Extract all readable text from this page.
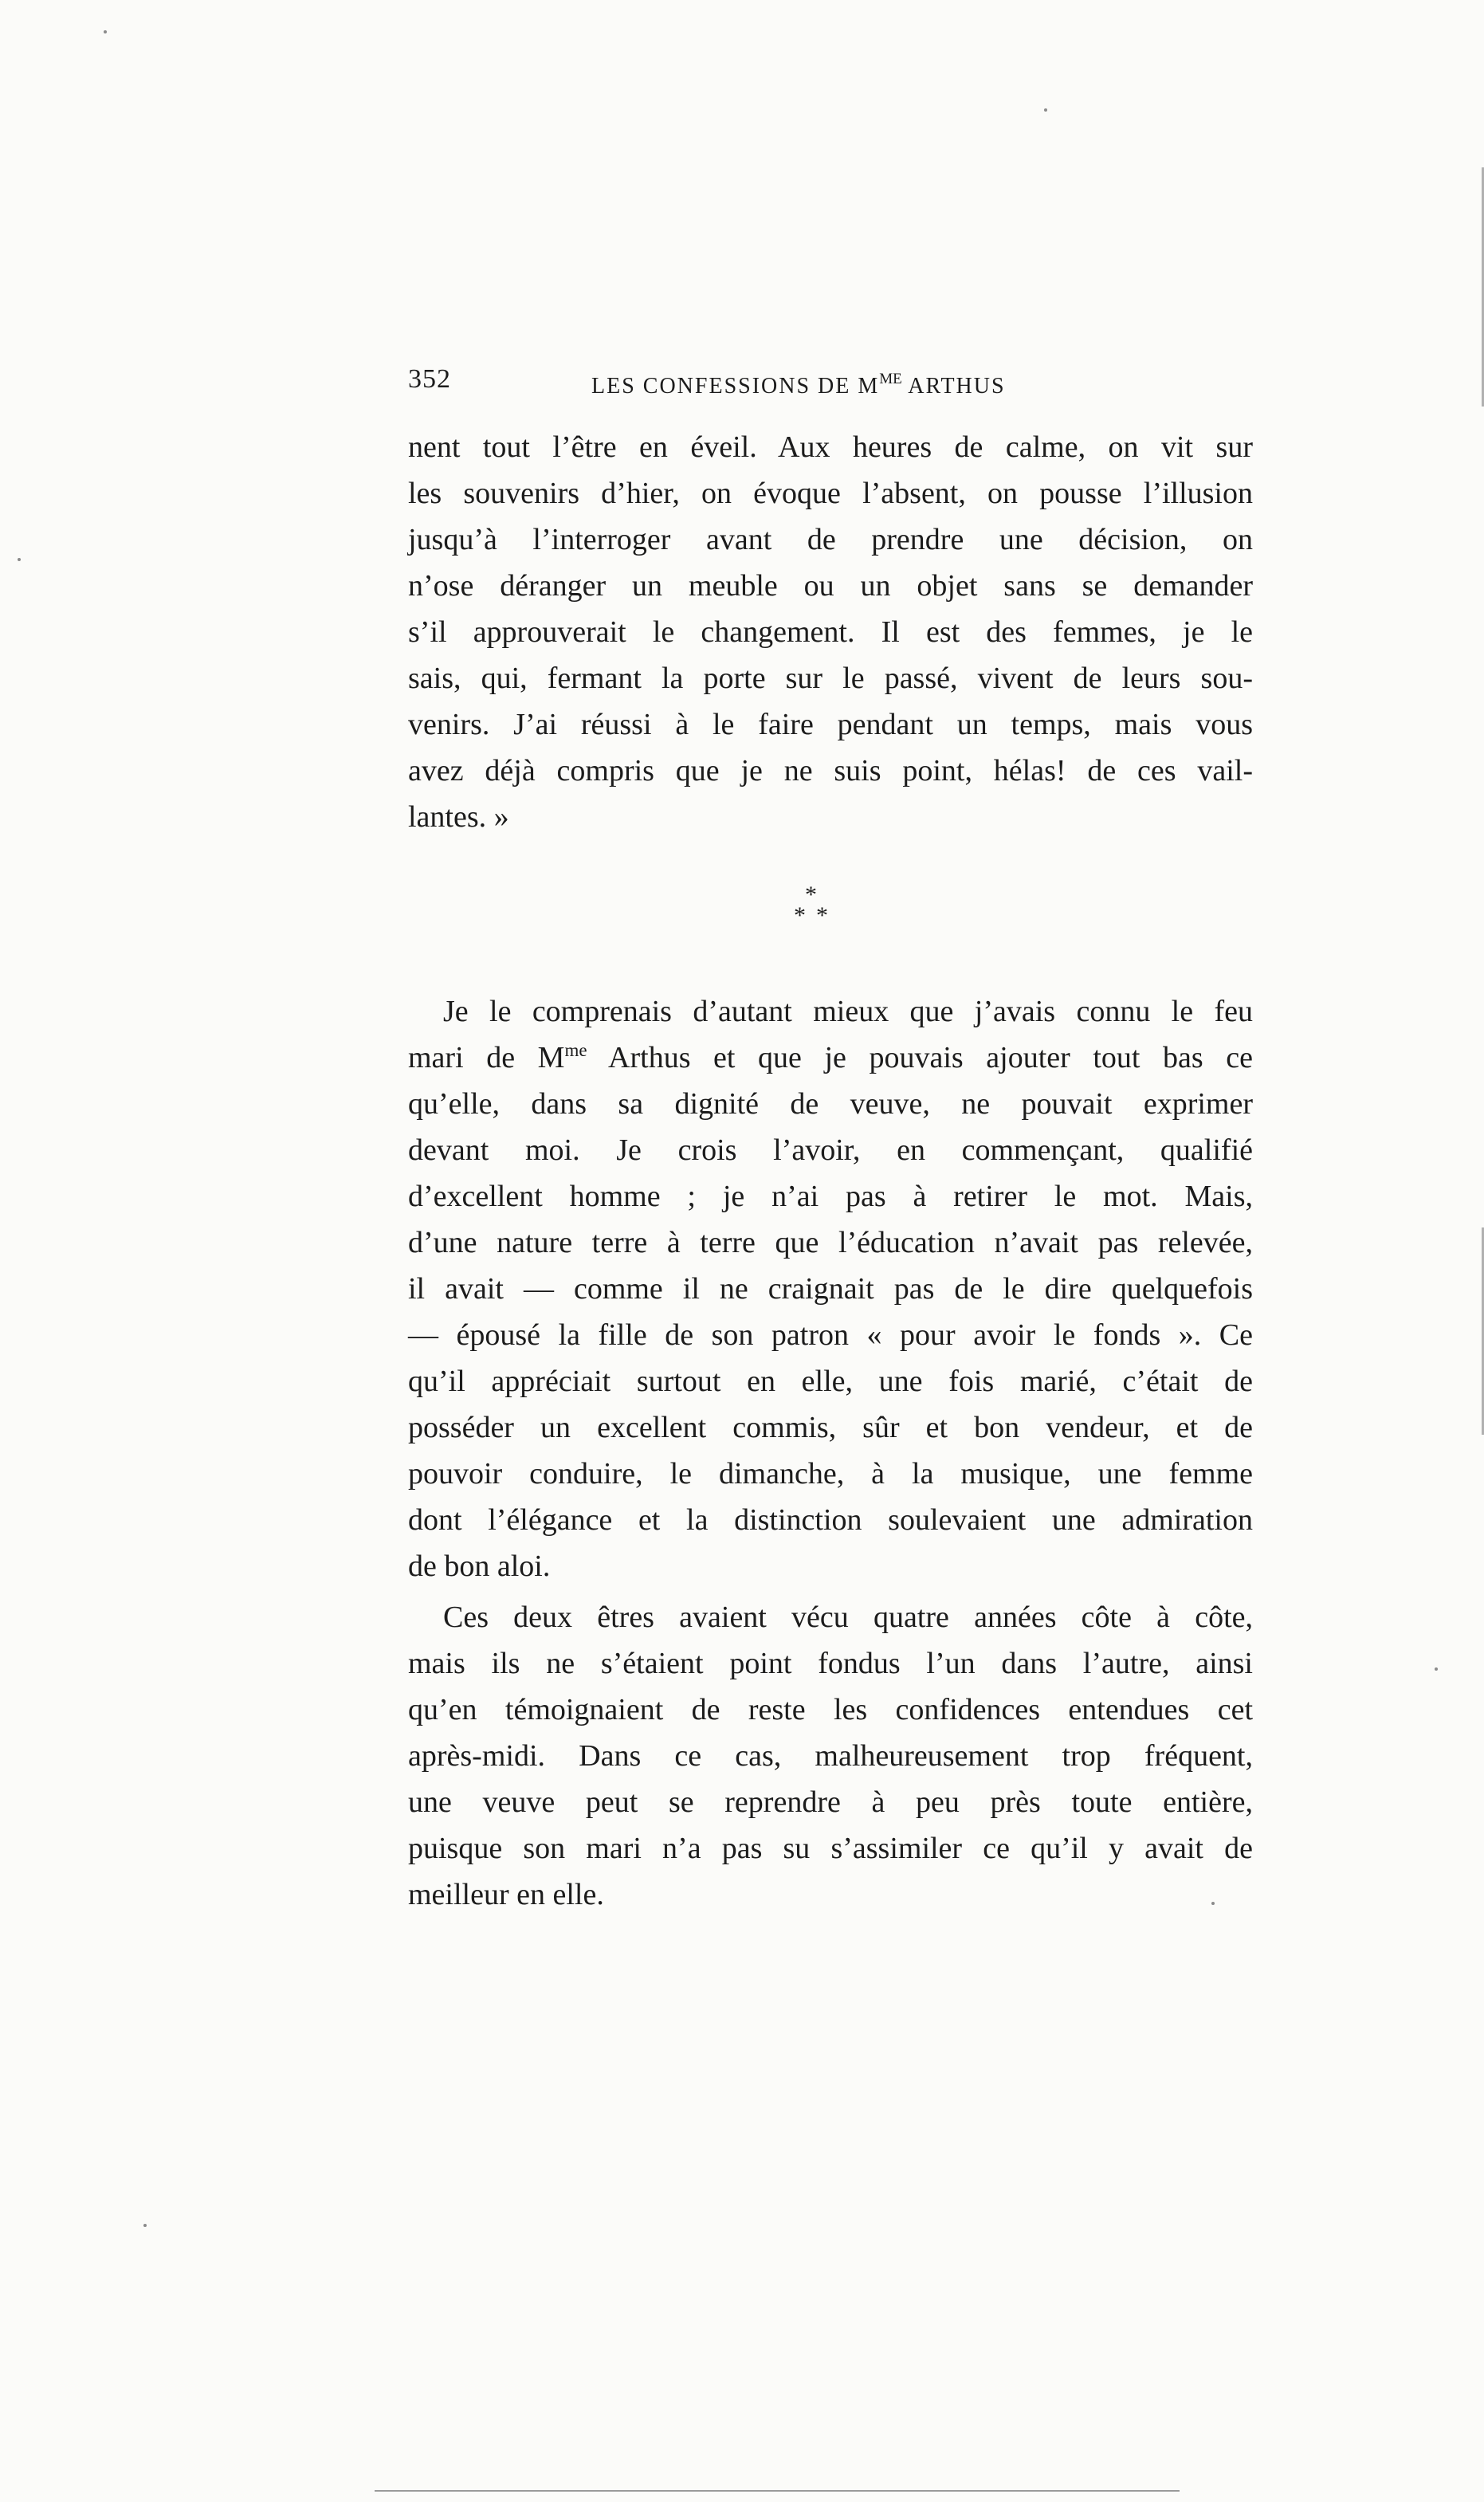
352	LES CONFESSIONS DE $M^{ME}$ ARTHUS
nent tout l’être en éveil. Aux heures de calme, on vit sur
les souvenirs d’hier, on évoque l’absent, on pousse l’illusion
jusqu’à l’interroger avant de prendre une décision, on
n’ose déranger un meuble ou un objet sans se demander
s’il approuverait le changement. Il est des femmes, je le
sais, qui, fermant la porte sur le passé, vivent de leurs sou-
venirs. J’ai réussi à le faire pendant un temps, mais vous
avez déjà compris que je ne suis point, hélas! de ces vail-
lantes. »
*
* *
Je le comprenais d’autant mieux que j’avais connu le feu
mari de $M^{me}$ Arthus et que je pouvais ajouter tout bas ce
qu’elle, dans sa dignité de veuve, ne pouvait exprimer
devant moi. Je crois l’avoir, en commençant, qualifié
d’excellent homme ; je n’ai pas à retirer le mot. Mais,
d’une nature terre à terre que l’éducation n’avait pas relevée,
il avait — comme il ne craignait pas de le dire quelquefois
— épousé la fille de son patron « pour avoir le fonds ». Ce
qu’il appréciait surtout en elle, une fois marié, c’était de
posséder un excellent commis, sûr et bon vendeur, et de
pouvoir conduire, le dimanche, à la musique, une femme
dont l’élégance et la distinction soulevaient une admiration
de bon aloi.
Ces deux êtres avaient vécu quatre années côte à côte,
mais ils ne s’étaient point fondus l’un dans l’autre, ainsi
qu’en témoignaient de reste les confidences entendues cet
après-midi. Dans ce cas, malheureusement trop fréquent,
une veuve peut se reprendre à peu près toute entière,
puisque son mari n’a pas su s’assimiler ce qu’il y avait de
meilleur en elle.
